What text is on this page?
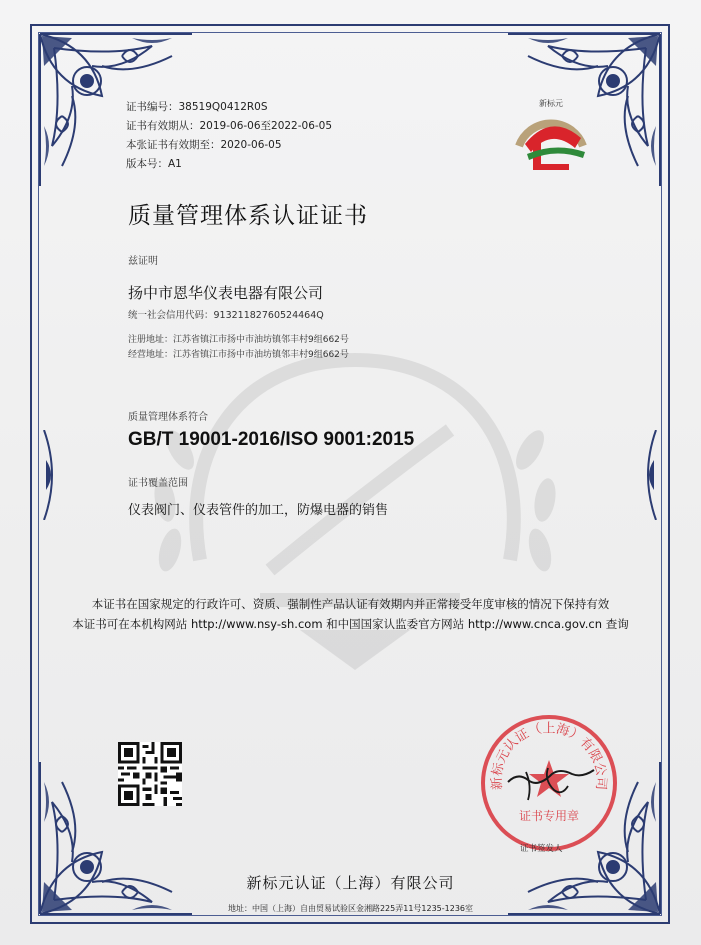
证书编号：38519Q0412R0S
证书有效期从：2019-06-06至2022-06-05
本张证书有效期至：2020-06-05
版本号：A1
新标元
质量管理体系认证证书
兹证明
扬中市恩华仪表电器有限公司
统一社会信用代码：91321182760524464Q
注册地址：江苏省镇江市扬中市油坊镇邻丰村9组662号
经营地址：江苏省镇江市扬中市油坊镇邻丰村9组662号
质量管理体系符合
GB/T 19001-2016/ISO 9001:2015
证书覆盖范围
仪表阀门、仪表管件的加工，防爆电器的销售
本证书在国家规定的行政许可、资质、强制性产品认证有效期内并正常接受年度审核的情况下保持有效
本证书可在本机构网站 http://www.nsy-sh.com 和中国国家认监委官方网站 http://www.cnca.gov.cn 查询
新标元认证（上海）有限公司
证书专用章
证书签发人
新标元认证（上海）有限公司
地址：中国（上海）自由贸易试验区金湘路225弄11号1235-1236室
